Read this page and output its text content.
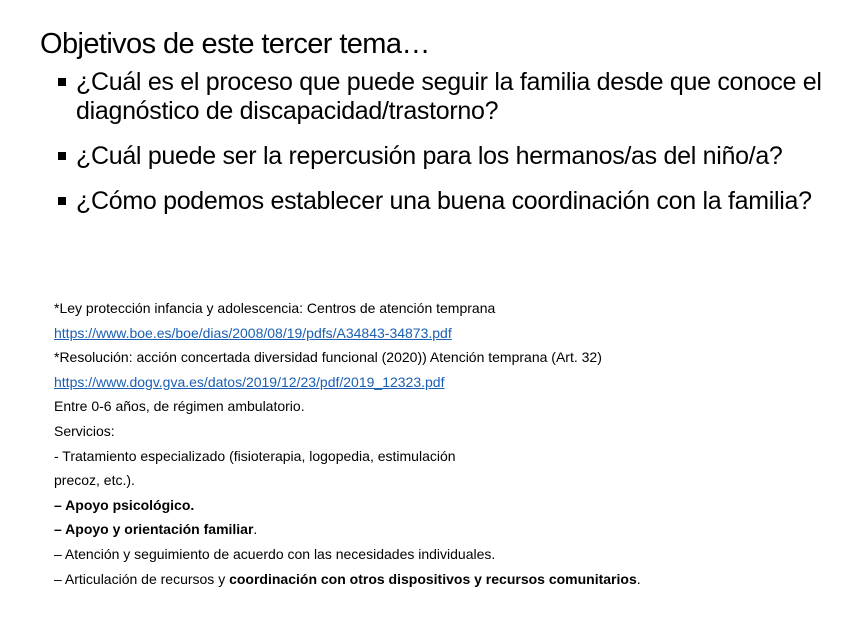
Objetivos de este tercer tema…
¿Cuál es el proceso que puede seguir la familia desde que conoce el diagnóstico de discapacidad/trastorno?
¿Cuál puede ser la repercusión para los hermanos/as del niño/a?
¿Cómo podemos establecer una buena coordinación con la familia?
*Ley protección infancia y adolescencia: Centros de atención temprana
https://www.boe.es/boe/dias/2008/08/19/pdfs/A34843-34873.pdf
*Resolución: acción concertada diversidad funcional (2020)) Atención temprana (Art. 32)
https://www.dogv.gva.es/datos/2019/12/23/pdf/2019_12323.pdf
Entre 0-6 años, de régimen ambulatorio.
Servicios:
- Tratamiento especializado (fisioterapia, logopedia, estimulación
precoz, etc.).
– Apoyo psicológico.
– Apoyo y orientación familiar.
– Atención y seguimiento de acuerdo con las necesidades individuales.
– Articulación de recursos y coordinación con otros dispositivos y recursos comunitarios.
